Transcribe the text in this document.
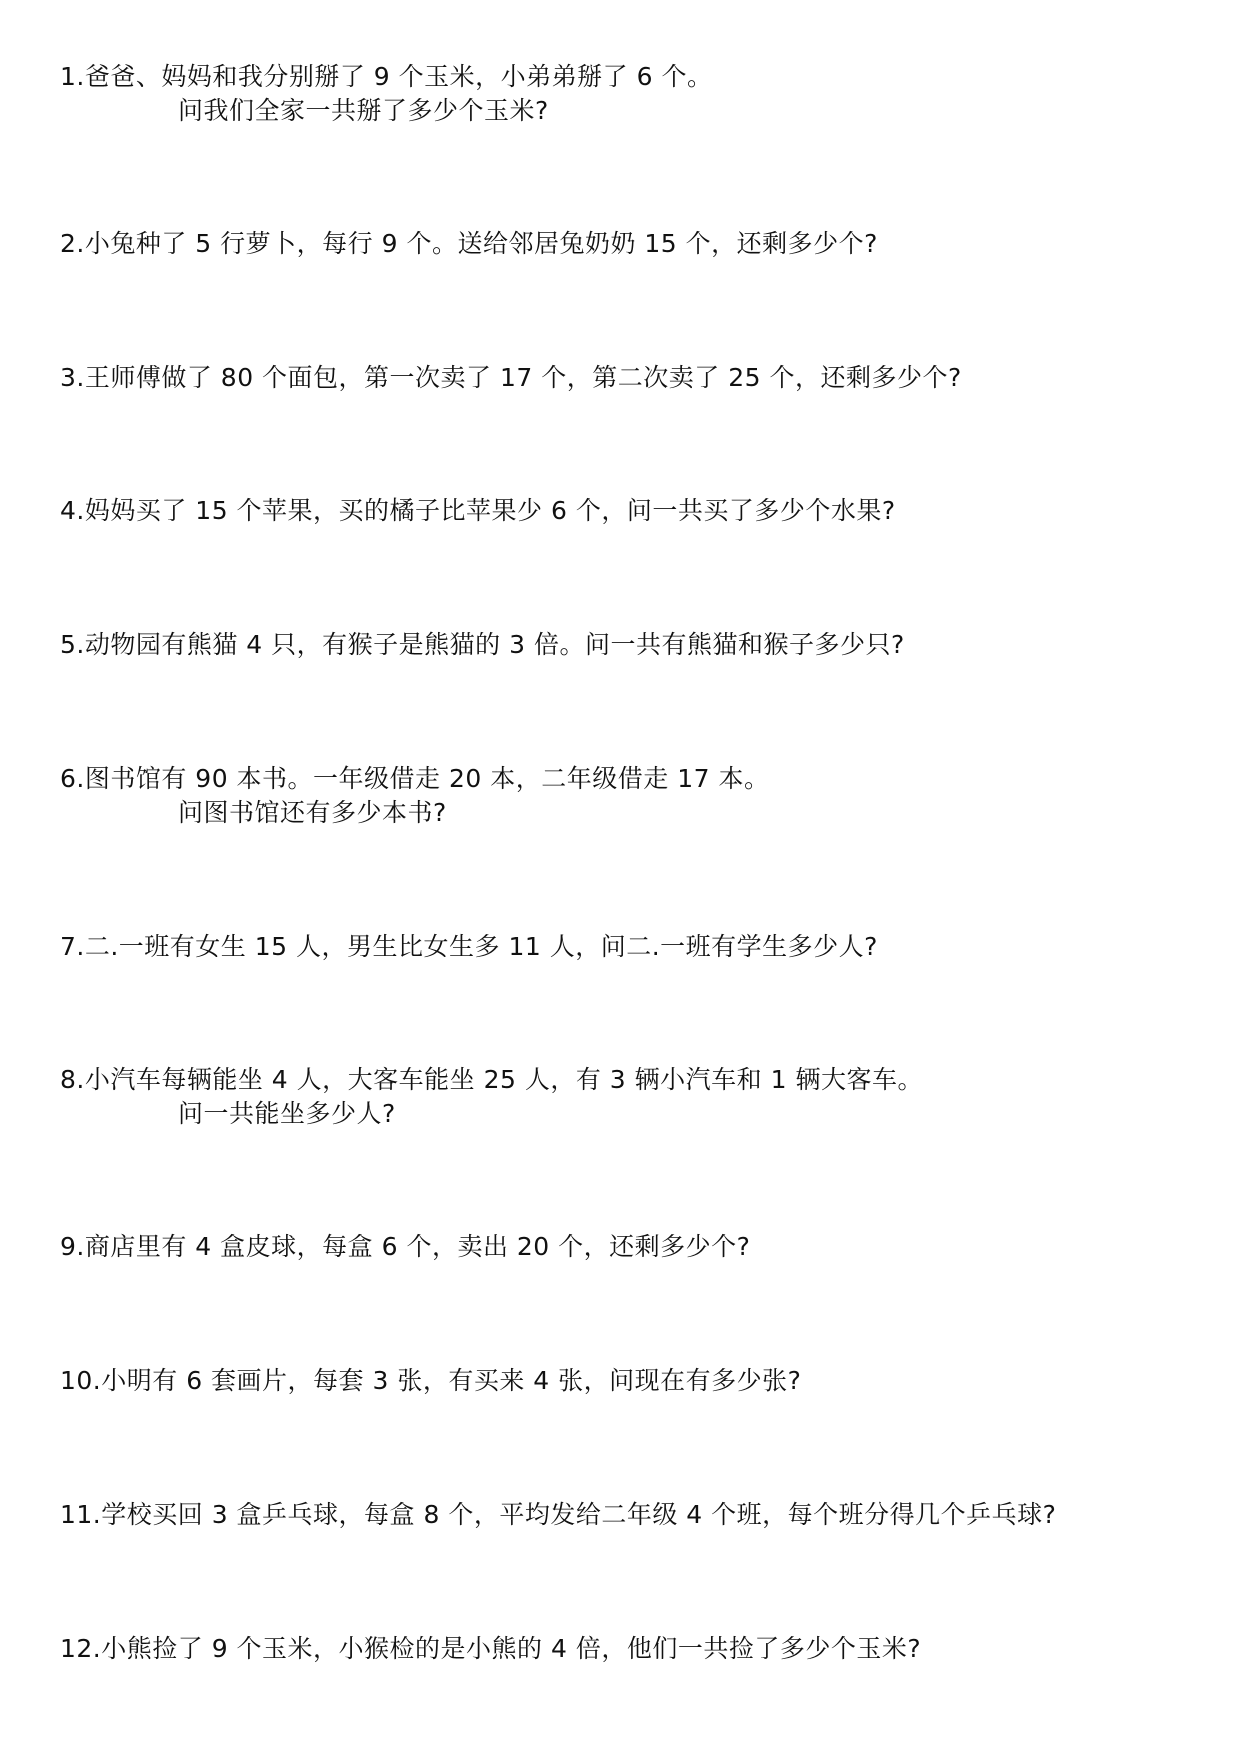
1.爸爸、妈妈和我分别掰了 9 个玉米，小弟弟掰了 6 个。
问我们全家一共掰了多少个玉米?
2.小兔种了 5 行萝卜，每行 9 个。送给邻居兔奶奶 15 个，还剩多少个?
3.王师傅做了 80 个面包，第一次卖了 17 个，第二次卖了 25 个，还剩多少个?
4.妈妈买了 15 个苹果，买的橘子比苹果少 6 个，问一共买了多少个水果?
5.动物园有熊猫 4 只，有猴子是熊猫的 3 倍。问一共有熊猫和猴子多少只?
6.图书馆有 90 本书。一年级借走 20 本，二年级借走 17 本。
问图书馆还有多少本书?
7.二.一班有女生 15 人，男生比女生多 11 人，问二.一班有学生多少人?
8.小汽车每辆能坐 4 人，大客车能坐 25 人，有 3 辆小汽车和 1 辆大客车。
问一共能坐多少人?
9.商店里有 4 盒皮球，每盒 6 个，卖出 20 个，还剩多少个?
10.小明有 6 套画片，每套 3 张，有买来 4 张，问现在有多少张?
11.学校买回 3 盒乒乓球，每盒 8 个，平均发给二年级 4 个班，每个班分得几个乒乓球?
12.小熊捡了 9 个玉米，小猴检的是小熊的 4 倍，他们一共捡了多少个玉米?
